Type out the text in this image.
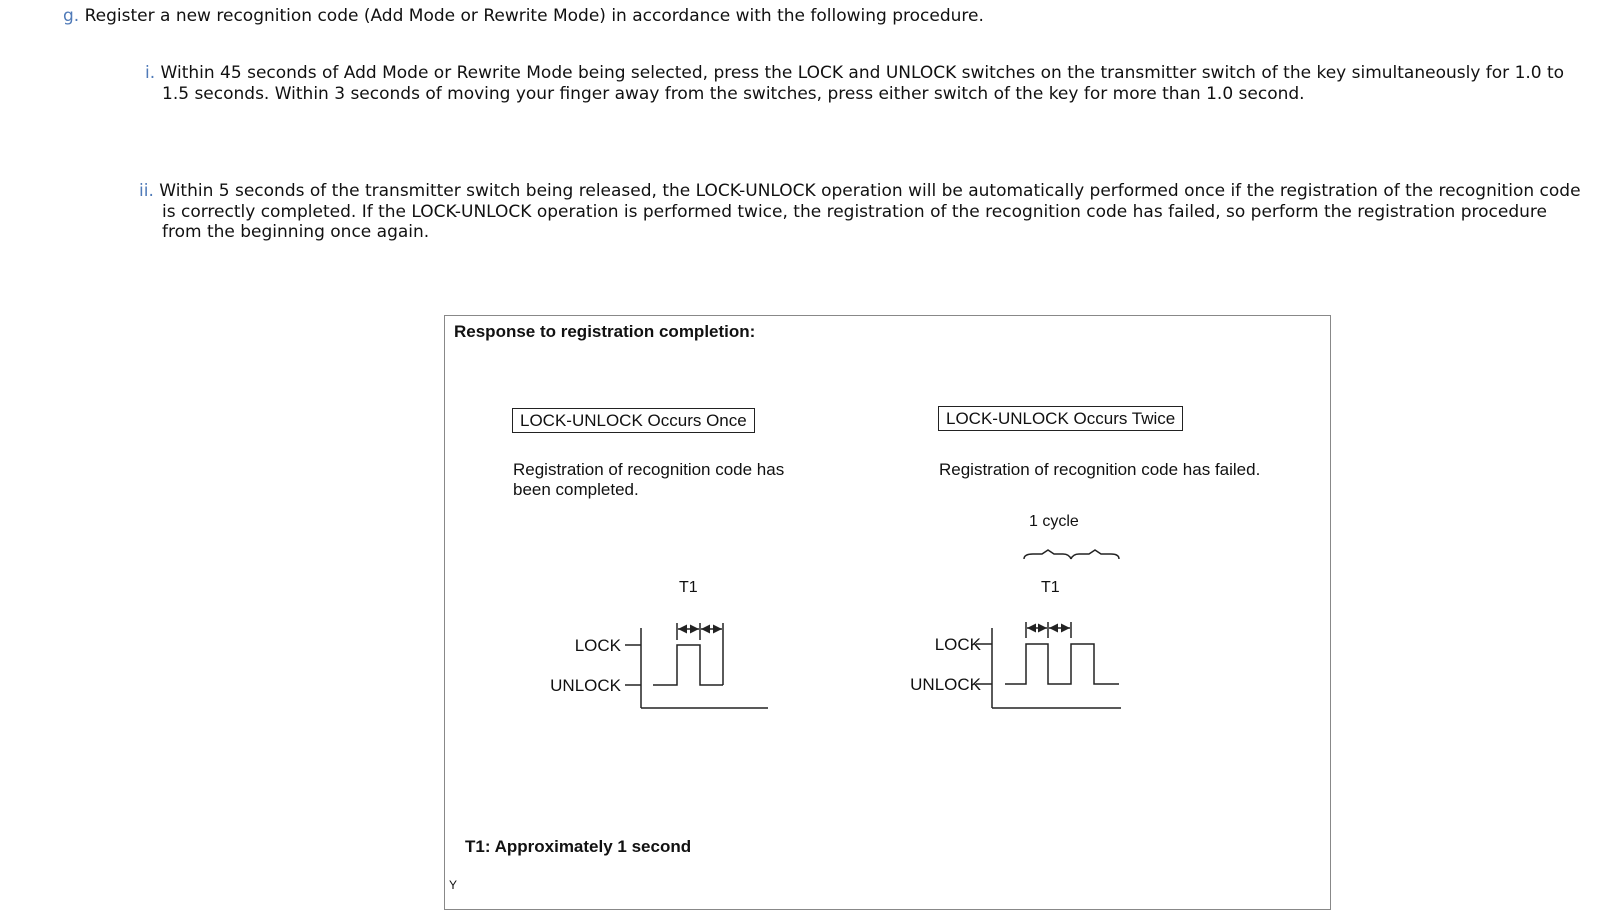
g. Register a new recognition code (Add Mode or Rewrite Mode) in accordance with the following procedure.
i. Within 45 seconds of Add Mode or Rewrite Mode being selected, press the LOCK and UNLOCK switches on the transmitter switch of the key simultaneously for 1.0 to 1.5 seconds. Within 3 seconds of moving your finger away from the switches, press either switch of the key for more than 1.0 second.
ii. Within 5 seconds of the transmitter switch being released, the LOCK-UNLOCK operation will be automatically performed once if the registration of the recognition code is correctly completed. If the LOCK-UNLOCK operation is performed twice, the registration of the recognition code has failed, so perform the registration procedure from the beginning once again.
Response to registration completion:
LOCK-UNLOCK Occurs Once
Registration of recognition code has been completed.
T1
LOCK
UNLOCK
LOCK-UNLOCK Occurs Twice
Registration of recognition code has failed.
1 cycle
T1
LOCK
UNLOCK
T1: Approximately 1 second
Y
